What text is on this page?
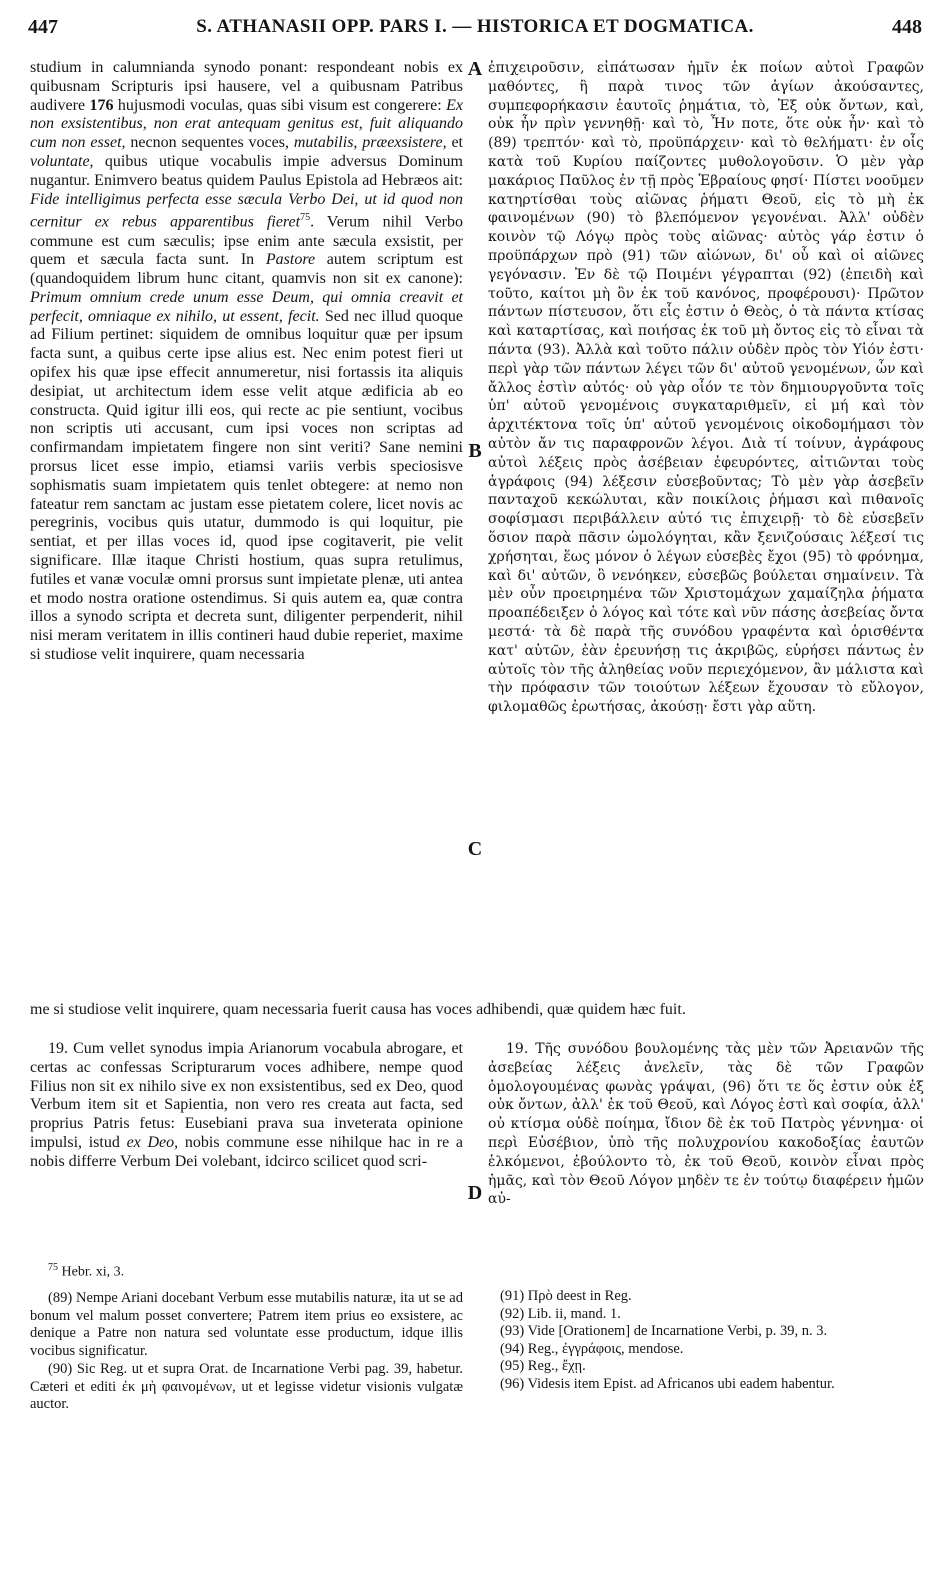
447	S. ATHANASII OPP. PARS I. — HISTORICA ET DOGMATICA.	448
A
B
C
D

studium in calumnianda synodo ponant: respondeant nobis ex quibusnam Scripturis ipsi hausere, vel a quibusnam Patribus audivere 176 hujusmodi voculas, quas sibi visum est congerere: Ex non exsistentibus, non erat antequam genitus est, fuit aliquando cum non esset, necnon sequentes voces, mutabilis, præexsistere, et voluntate, quibus utique vocabulis impie adversus Dominum nugantur. Enimvero beatus quidem Paulus Epistola ad Hebræos ait: Fide intelligimus perfecta esse sæcula Verbo Dei, ut id quod non cernitur ex rebus apparentibus fieret$^{75}$. Verum nihil Verbo commune est cum sæculis; ipse enim ante sæcula exsistit, per quem et sæcula facta sunt. In Pastore autem scriptum est (quandoquidem librum hunc citant, quamvis non sit ex canone): Primum omnium crede unum esse Deum, qui omnia creavit et perfecit, omniaque ex nihilo, ut essent, fecit. Sed nec illud quoque ad Filium pertinet: siquidem de omnibus loquitur quæ per ipsum facta sunt, a quibus certe ipse alius est. Nec enim potest fieri ut opifex his quæ ipse effecit annumeretur, nisi fortassis ita aliquis desipiat, ut architectum idem esse velit atque ædificia ab eo constructa. Quid igitur illi eos, qui recte ac pie sentiunt, vocibus non scriptis uti accusant, cum ipsi voces non scriptas ad confirmandam impietatem fingere non sint veriti? Sane nemini prorsus licet esse impio, etiamsi variis verbis speciosisve sophismatis suam impietatem quis tenlet obtegere: at nemo non fateatur rem sanctam ac justam esse pietatem colere, licet novis ac peregrinis, vocibus quis utatur, dummodo is qui loquitur, pie sentiat, et per illas voces id, quod ipse cogitaverit, pie velit significare. Illæ itaque Christi hostium, quas supra retulimus, futiles et vanæ voculæ omni prorsus sunt impietate plenæ, uti antea et modo nostra oratione ostendimus. Si quis autem ea, quæ contra illos a synodo scripta et decreta sunt, diligenter perpenderit, nihil nisi meram veritatem in illis contineri haud dubie reperiet, maxime si studiose velit inquirere, quam necessaria

ἐπιχειροῦσιν, εἰπάτωσαν ἡμῖν ἐκ ποίων αὐτοὶ Γραφῶν μαθόντες, ἢ παρὰ τινος τῶν ἁγίων ἀκούσαντες, συμπεφορήκασιν ἑαυτοῖς ῥημάτια, τὸ, Ἐξ οὐκ ὄντων, καὶ, οὐκ ἦν πρὶν γεννηθῇ· καὶ τὸ, Ἦν ποτε, ὅτε οὐκ ἦν· καὶ τὸ (89) τρεπτόν· καὶ τὸ, προϋπάρχειν· καὶ τὸ θελήματι· ἐν οἷς κατὰ τοῦ Κυρίου παίζοντες μυθολογοῦσιν. Ὁ μὲν γὰρ μακάριος Παῦλος ἐν τῇ πρὸς Ἑβραίους φησί· Πίστει νοοῦμεν κατηρτίσθαι τοὺς αἰῶνας ῥήματι Θεοῦ, εἰς τὸ μὴ ἐκ φαινομένων (90) τὸ βλεπόμενον γεγονέναι. Ἀλλ' οὐδὲν κοινὸν τῷ Λόγῳ πρὸς τοὺς αἰῶνας· αὐτὸς γάρ ἐστιν ὁ προϋπάρχων πρὸ (91) τῶν αἰώνων, δι' οὗ καὶ οἱ αἰῶνες γεγόνασιν. Ἐν δὲ τῷ Ποιμένι γέγραπται (92) (ἐπειδὴ καὶ τοῦτο, καίτοι μὴ ὂν ἐκ τοῦ κανόνος, προφέρουσι)· Πρῶτον πάντων πίστευσον, ὅτι εἷς ἐστιν ὁ Θεὸς, ὁ τὰ πάντα κτίσας καὶ καταρτίσας, καὶ ποιήσας ἐκ τοῦ μὴ ὄντος εἰς τὸ εἶναι τὰ πάντα (93). Ἀλλὰ καὶ τοῦτο πάλιν οὐδὲν πρὸς τὸν Υἱόν ἐστι· περὶ γὰρ τῶν πάντων λέγει τῶν δι' αὐτοῦ γενομένων, ὧν καὶ ἄλλος ἐστὶν αὐτός· οὐ γὰρ οἷόν τε τὸν δημιουργοῦντα τοῖς ὑπ' αὐτοῦ γενομένοις συγκαταριθμεῖν, εἰ μή καὶ τὸν ἀρχιτέκτονα τοῖς ὑπ' αὐτοῦ γενομένοις οἰκοδομήμασι τὸν αὐτὸν ἄν τις παραφρονῶν λέγοι. Διὰ τί τοίνυν, ἀγράφους αὐτοὶ λέξεις πρὸς ἀσέβειαν ἐφευρόντες, αἰτιῶνται τοὺς ἀγράφοις (94) λέξεσιν εὐσεβοῦντας; Τὸ μὲν γὰρ ἀσεβεῖν πανταχοῦ κεκώλυται, κἂν ποικίλοις ῥήμασι καὶ πιθανοῖς σοφίσμασι περιβάλλειν αὐτό τις ἐπιχειρῇ· τὸ δὲ εὐσεβεῖν ὅσιον παρὰ πᾶσιν ὡμολόγηται, κἂν ξενιζούσαις λέξεσί τις χρήσηται, ἕως μόνον ὁ λέγων εὐσεβὲς ἔχοι (95) τὸ φρόνημα, καὶ δι' αὐτῶν, ὃ νενόηκεν, εὐσεβῶς βούλεται σημαίνειν. Τὰ μὲν οὖν προειρημένα τῶν Χριστομάχων χαμαίζηλα ῥήματα προαπέδειξεν ὁ λόγος καὶ τότε καὶ νῦν πάσης ἀσεβείας ὄντα μεστά· τὰ δὲ παρὰ τῆς συνόδου γραφέντα καὶ ὁρισθέντα κατ' αὐτῶν, ἐὰν ἐρευνήσῃ τις ἀκριβῶς, εὑρήσει πάντως ἐν αὐτοῖς τὸν τῆς ἀληθείας νοῦν περιεχόμενον, ἂν μάλιστα καὶ τὴν πρόφασιν τῶν τοιούτων λέξεων ἔχουσαν τὸ εὔλογον, φιλομαθῶς ἐρωτήσας, ἀκούσῃ· ἔστι γὰρ αὕτη.

me si studiose velit inquirere, quam necessaria fuerit causa has voces adhibendi, quæ quidem hæc fuit.

19. Cum vellet synodus impia Arianorum vocabula abrogare, et certas ac confessas Scripturarum voces adhibere, nempe quod Filius non sit ex nihilo sive ex non exsistentibus, sed ex Deo, quod Verbum item sit et Sapientia, non vero res creata aut facta, sed proprius Patris fetus: Eusebiani prava sua inveterata opinione impulsi, istud ex Deo, nobis commune esse nihilque hac in re a nobis differre Verbum Dei volebant, idcirco scilicet quod scri-

19. Τῆς συνόδου βουλομένης τὰς μὲν τῶν Ἀρειανῶν τῆς ἀσεβείας λέξεις ἀνελεῖν, τὰς δὲ τῶν Γραφῶν ὁμολογουμένας φωνὰς γράψαι, (96) ὅτι τε ὅς ἐστιν οὐκ ἐξ οὐκ ὄντων, ἀλλ' ἐκ τοῦ Θεοῦ, καὶ Λόγος ἐστὶ καὶ σοφία, ἀλλ' οὐ κτίσμα οὐδὲ ποίημα, ἴδιον δὲ ἐκ τοῦ Πατρὸς γέννημα· οἱ περὶ Εὐσέβιον, ὑπὸ τῆς πολυχρονίου κακοδοξίας ἑαυτῶν ἑλκόμενοι, ἐβούλοντο τὸ, ἐκ τοῦ Θεοῦ, κοινὸν εἶναι πρὸς ἡμᾶς, καὶ τὸν Θεοῦ Λόγον μηδὲν τε ἐν τούτῳ διαφέρειν ἡμῶν αὐ-

$^{75}$ Hebr. xi, 3.

(89) Nempe Ariani docebant Verbum esse mutabilis naturæ, ita ut se ad bonum vel malum posset convertere; Patrem item prius eo exsistere, ac denique a Patre non natura sed voluntate esse productum, idque illis vocibus significatur.

(90) Sic Reg. ut et supra Orat. de Incarnatione Verbi pag. 39, habetur. Cæteri et editi ἐκ μὴ φαινομένων, ut et legisse videtur visionis vulgatæ auctor.

(91) Πρὸ deest in Reg.

(92) Lib. ii, mand. 1.

(93) Vide [Orationem] de Incarnatione Verbi, p. 39, n. 3.

(94) Reg., ἐγγράφοις, mendose.

(95) Reg., ἔχῃ.

(96) Videsis item Epist. ad Africanos ubi eadem habentur.
